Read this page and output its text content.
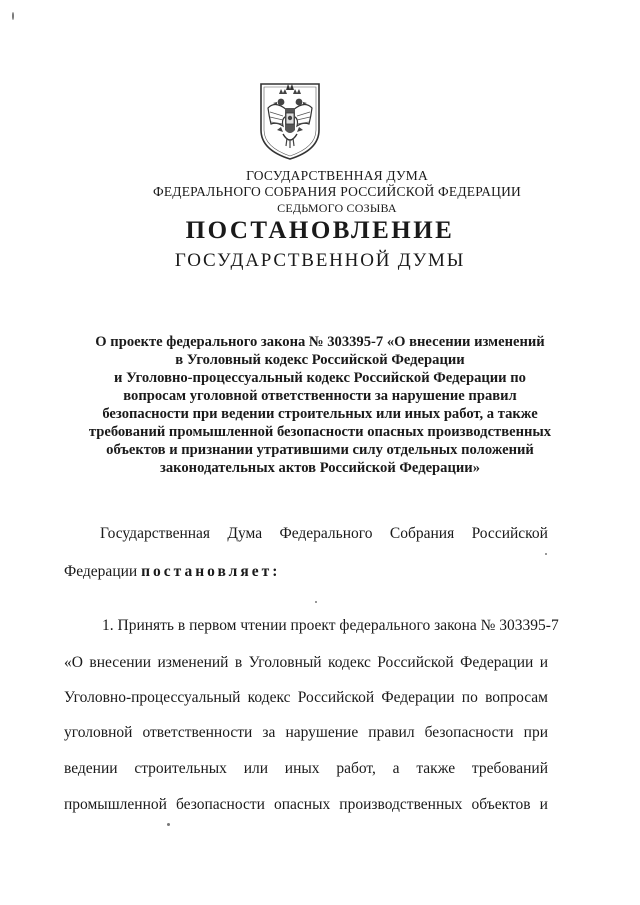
ГОСУДАРСТВЕННАЯ ДУМА
ФЕДЕРАЛЬНОГО СОБРАНИЯ РОССИЙСКОЙ ФЕДЕРАЦИИ
СЕДЬМОГО СОЗЫВА
ПОСТАНОВЛЕНИЕ
ГОСУДАРСТВЕННОЙ ДУМЫ
О проекте федерального закона № 303395-7 «О внесении изменений
в Уголовный кодекс Российской Федерации
и Уголовно-процессуальный кодекс Российской Федерации по
вопросам уголовной ответственности за нарушение правил
безопасности при ведении строительных или иных работ, а также
требований промышленной безопасности опасных производственных
объектов и признании утратившими силу отдельных положений
законодательных актов Российской Федерации»
Государственная Дума Федерального Собрания Российской
Федерации постановляет:
1. Принять в первом чтении проект федерального закона № 303395-7
«О внесении изменений в Уголовный кодекс Российской Федерации и
Уголовно-процессуальный кодекс Российской Федерации по вопросам
уголовной ответственности за нарушение правил безопасности при
ведении строительных или иных работ, а также требований
промышленной безопасности опасных производственных объектов и
